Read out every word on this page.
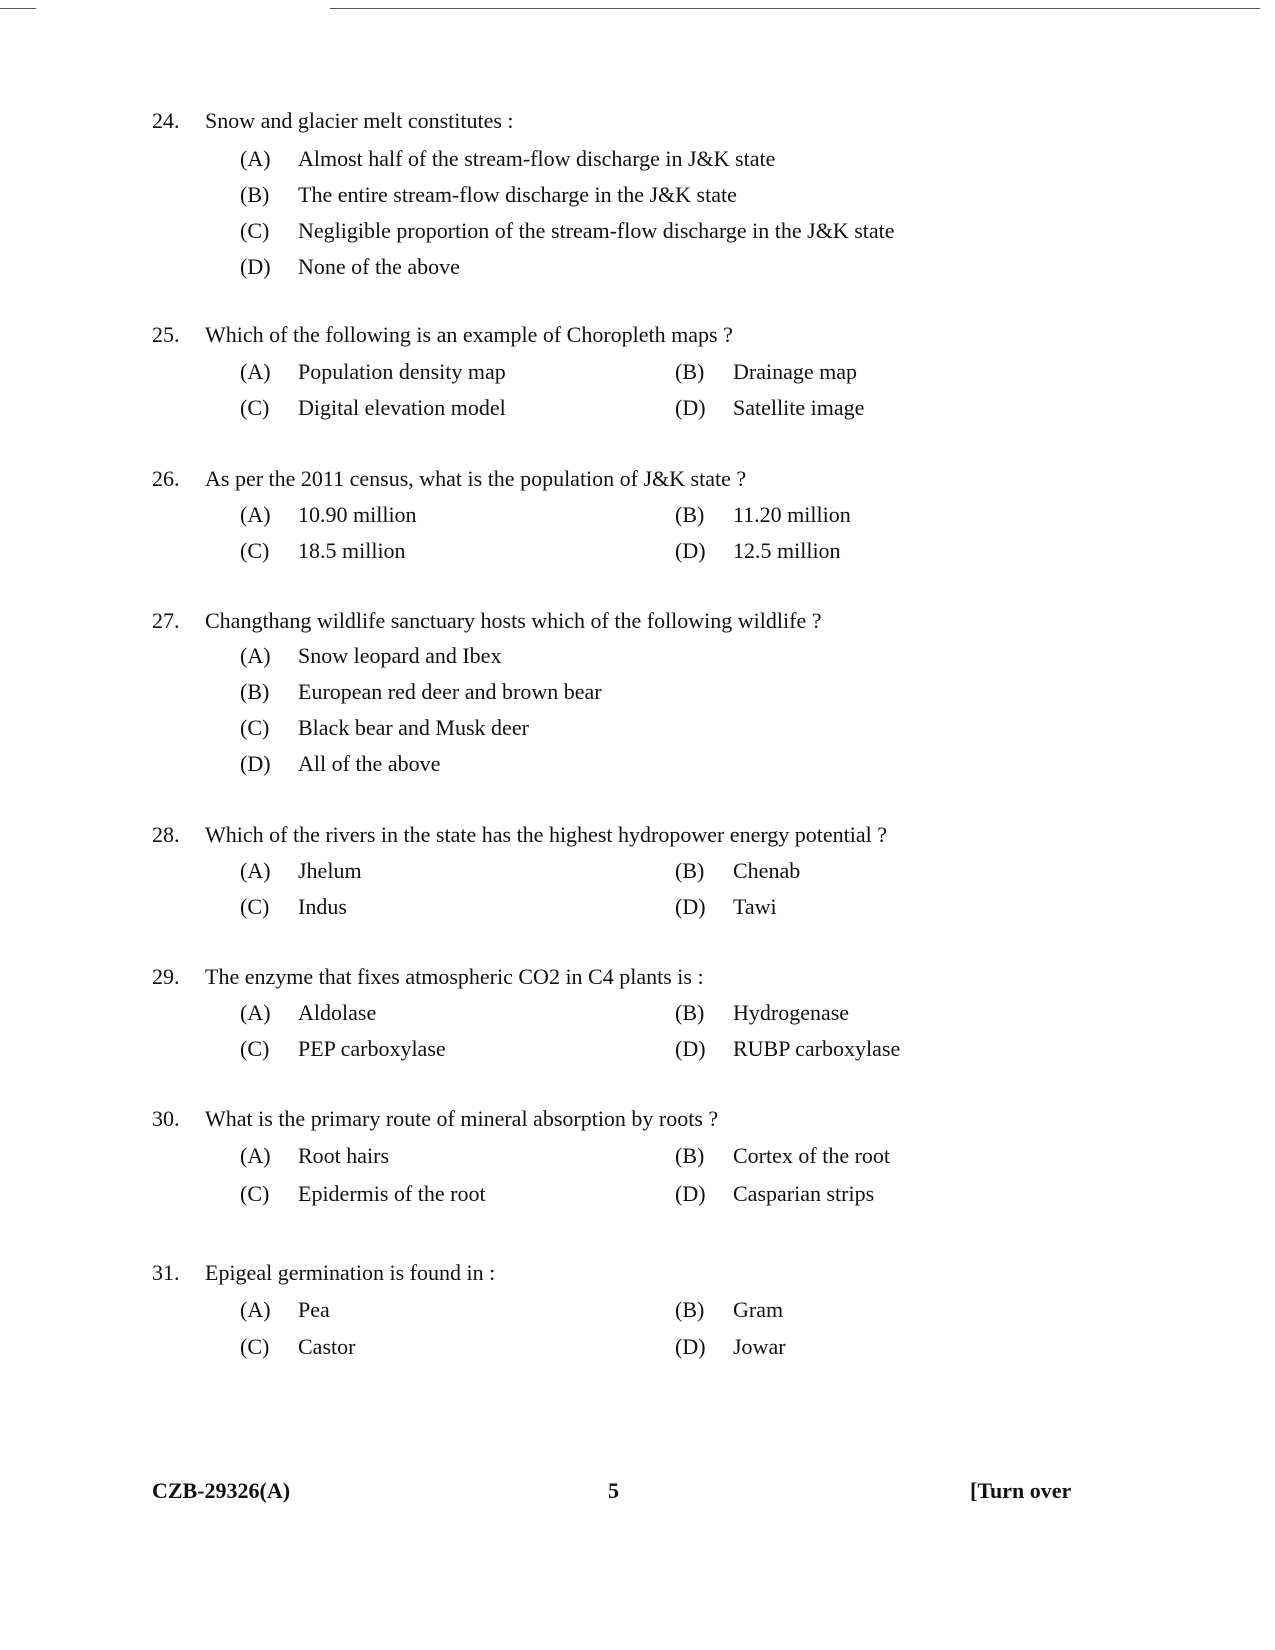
24. Snow and glacier melt constitutes :
(A) Almost half of the stream-flow discharge in J&K state
(B) The entire stream-flow discharge in the J&K state
(C) Negligible proportion of the stream-flow discharge in the J&K state
(D) None of the above
25. Which of the following is an example of Choropleth maps ?
(A) Population density map	(B) Drainage map
(C) Digital elevation model	(D) Satellite image
26. As per the 2011 census, what is the population of J&K state ?
(A) 10.90 million	(B) 11.20 million
(C) 18.5 million	(D) 12.5 million
27. Changthang wildlife sanctuary hosts which of the following wildlife ?
(A) Snow leopard and Ibex
(B) European red deer and brown bear
(C) Black bear and Musk deer
(D) All of the above
28. Which of the rivers in the state has the highest hydropower energy potential ?
(A) Jhelum	(B) Chenab
(C) Indus	(D) Tawi
29. The enzyme that fixes atmospheric CO2 in C4 plants is :
(A) Aldolase	(B) Hydrogenase
(C) PEP carboxylase	(D) RUBP carboxylase
30. What is the primary route of mineral absorption by roots ?
(A) Root hairs	(B) Cortex of the root
(C) Epidermis of the root	(D) Casparian strips
31. Epigeal germination is found in :
(A) Pea	(B) Gram
(C) Castor	(D) Jowar
CZB-29326(A)	5	[Turn over
